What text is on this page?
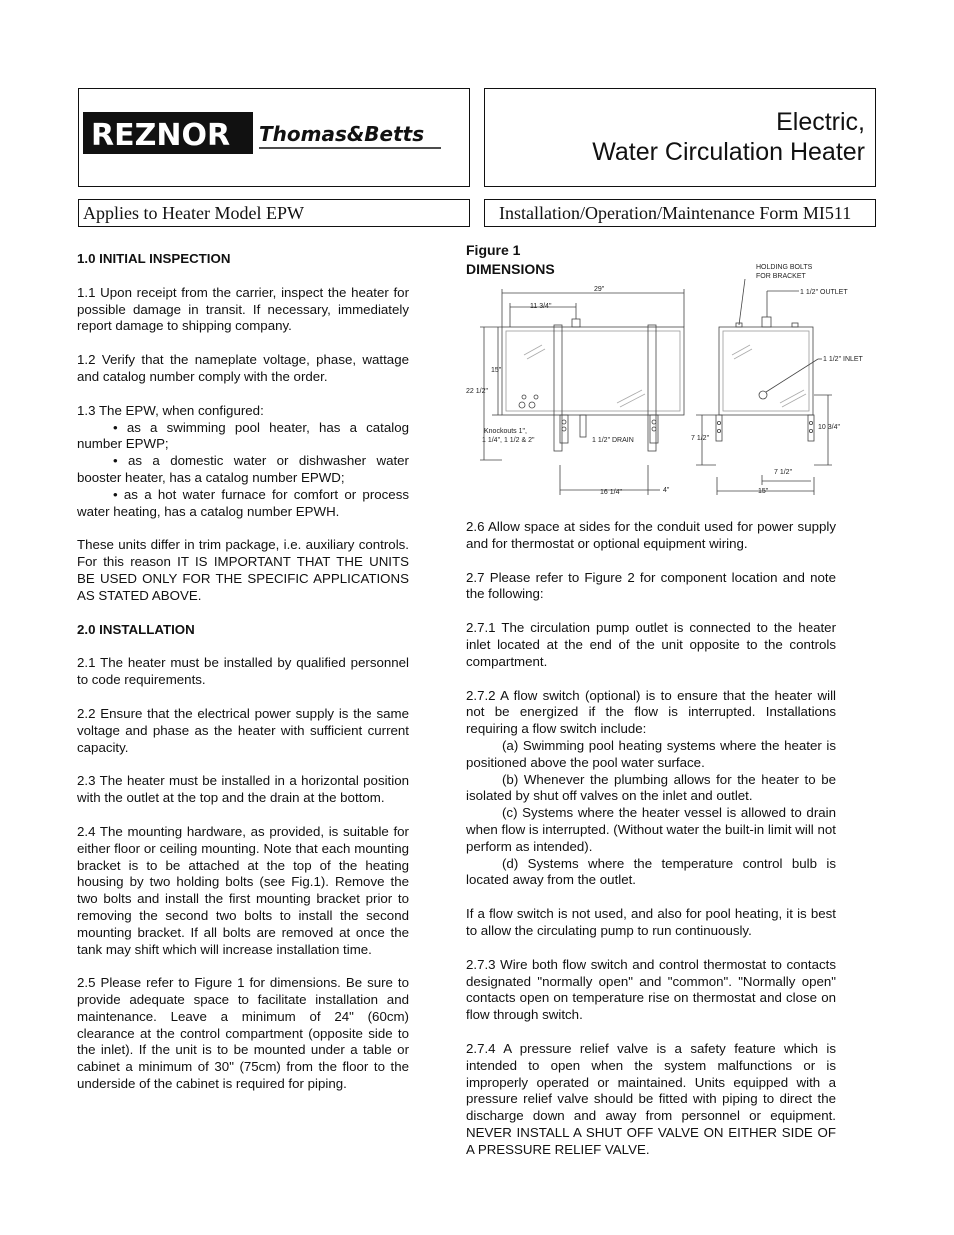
REZNOR Thomas&Betts	Electric,
Water Circulation Heater
Applies to Heater Model EPW	Installation/Operation/Maintenance Form MI511

1.0 INITIAL INSPECTION

1.1 Upon receipt from the carrier, inspect the heater for possible damage in transit. If necessary, immediately report damage to shipping company.

1.2 Verify that the nameplate voltage, phase, wattage and catalog number comply with the order.

1.3 The EPW, when configured:

• as a swimming pool heater, has a catalog number EPWP;

• as a domestic water or dishwasher water booster heater, has a catalog number EPWD;

• as a hot water furnace for comfort or process water heating, has a catalog number EPWH.

These units differ in trim package, i.e. auxiliary controls. For this reason IT IS IMPORTANT THAT THE UNITS BE USED ONLY FOR THE SPECIFIC APPLICATIONS AS STATED ABOVE.

2.0 INSTALLATION

2.1 The heater must be installed by qualified personnel to code requirements.

2.2 Ensure that the electrical power supply is the same voltage and phase as the heater with sufficient current capacity.

2.3 The heater must be installed in a horizontal position with the outlet at the top and the drain at the bottom.

2.4 The mounting hardware, as provided, is suitable for either floor or ceiling mounting. Note that each mounting bracket is to be attached at the top of the heating housing by two holding bolts (see Fig.1). Remove the two bolts and install the first mounting bracket prior to removing the second two bolts to install the second mounting bracket. If all bolts are removed at once the tank may shift which will increase installation time.

2.5 Please refer to Figure 1 for dimensions. Be sure to provide adequate space to facilitate installation and maintenance. Leave a minimum of 24" (60cm) clearance at the control compartment (opposite side to the inlet). If the unit is to be mounted under a table or cabinet a minimum of 30" (75cm) from the floor to the underside of the cabinet is required for piping.

Figure 1
DIMENSIONS
29"
11 3/4"
15"
22 1/2"
Knockouts 1",
1 1/4", 1 1/2 & 2"	1 1/2" DRAIN
16 1/4"	4"
HOLDING BOLTS
FOR BRACKET
1 1/2" OUTLET
1 1/2" INLET
10 3/4"
7 1/2"
7 1/2"
15"

2.6 Allow space at sides for the conduit used for power supply and for thermostat or optional equipment wiring.

2.7 Please refer to Figure 2 for component location and note the following:

2.7.1 The circulation pump outlet is connected to the heater inlet located at the end of the unit opposite to the controls compartment.

2.7.2 A flow switch (optional) is to ensure that the heater will not be energized if the flow is interrupted. Installations requiring a flow switch include:

(a) Swimming pool heating systems where the heater is positioned above the pool water surface.

(b) Whenever the plumbing allows for the heater to be isolated by shut off valves on the inlet and outlet.

(c) Systems where the heater vessel is allowed to drain when flow is interrupted. (Without water the built-in limit will not perform as intended).

(d) Systems where the temperature control bulb is located away from the outlet.

If a flow switch is not used, and also for pool heating, it is best to allow the circulating pump to run continuously.

2.7.3 Wire both flow switch and control thermostat to contacts designated "normally open" and "common". "Normally open" contacts open on temperature rise on thermostat and close on flow through switch.

2.7.4 A pressure relief valve is a safety feature which is intended to open when the system malfunctions or is improperly operated or maintained. Units equipped with a pressure relief valve should be fitted with piping to direct the discharge down and away from personnel or equipment. NEVER INSTALL A SHUT OFF VALVE ON EITHER SIDE OF A PRESSURE RELIEF VALVE.
